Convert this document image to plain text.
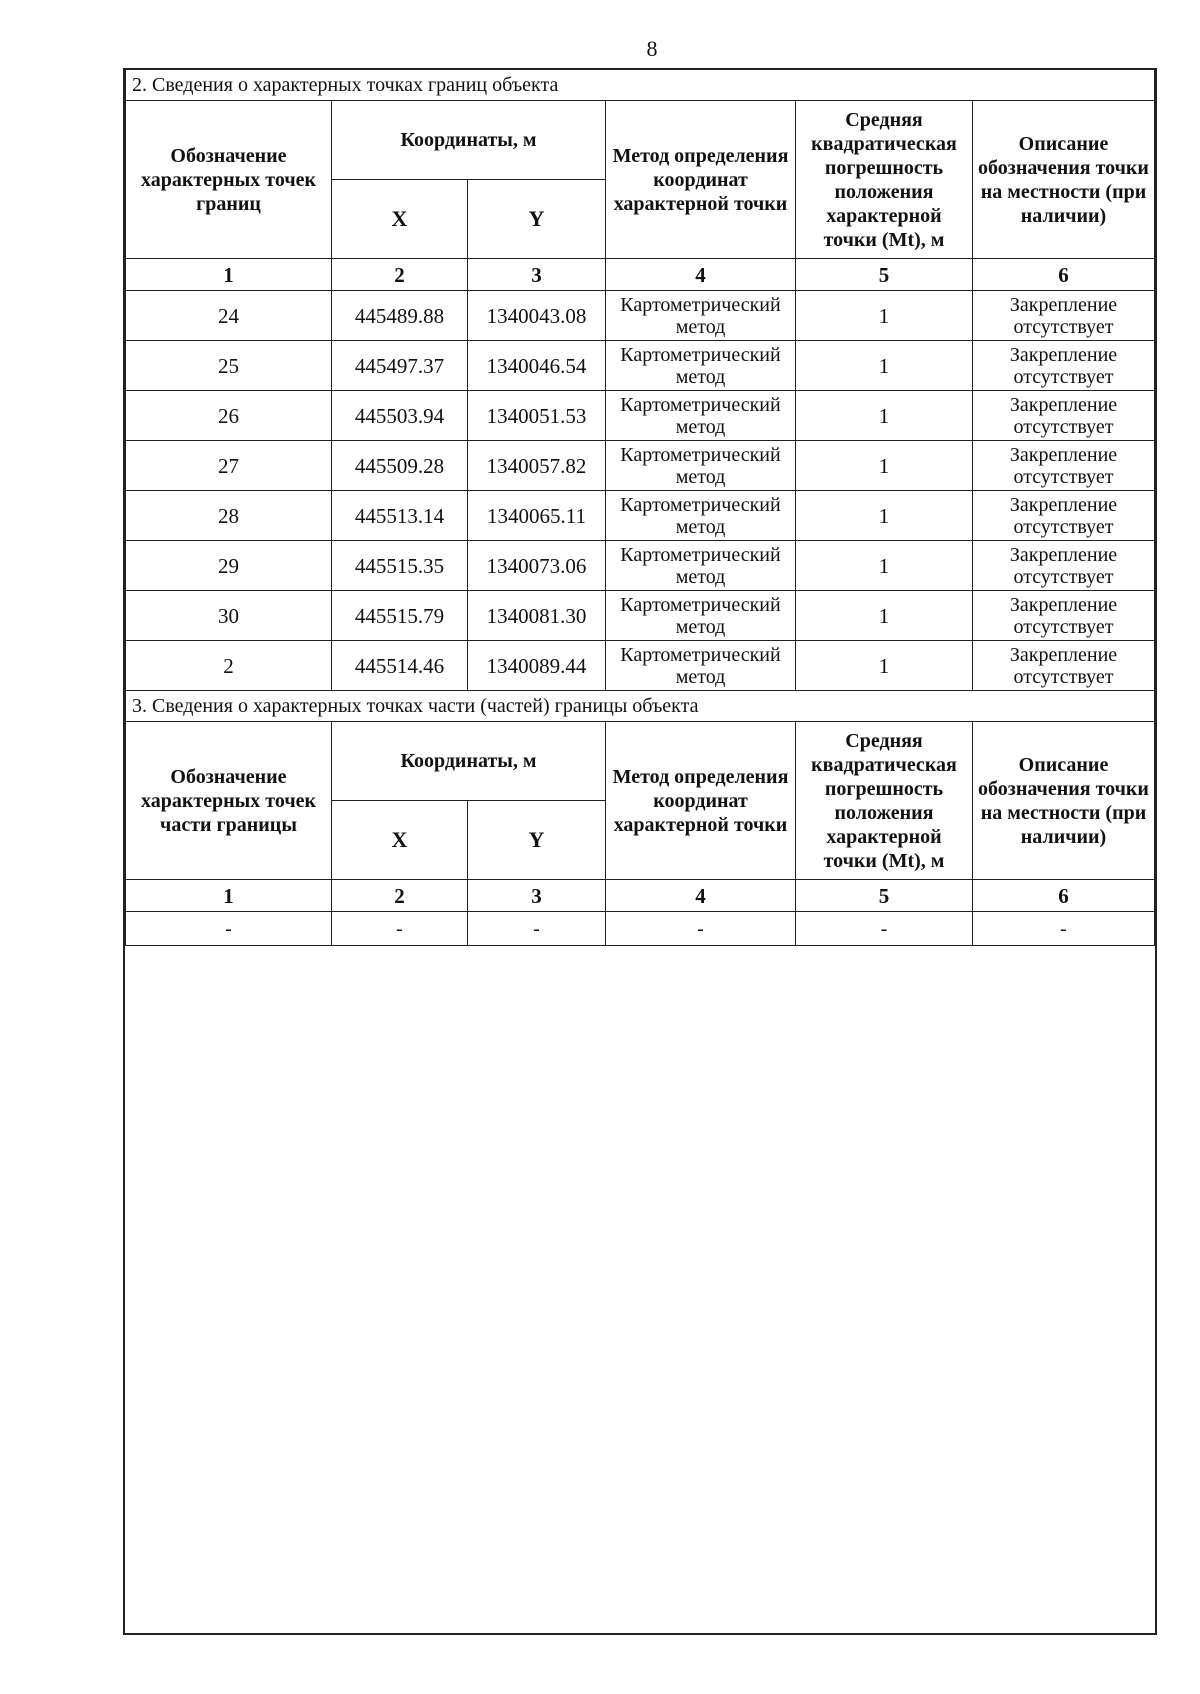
8
2. Сведения о характерных точках границ объекта					
Обозначение характерных точек границ	Координаты, м		Метод определения координат характерной точки	Средняя квадратическая погрешность положения характерной точки (Mt), м	Описание обозначения точки на местности (при наличии)
	X	Y			
1	2	3	4	5	6
24	445489.88	1340043.08	Картометрический метод	1	Закрепление отсутствует
25	445497.37	1340046.54	Картометрический метод	1	Закрепление отсутствует
26	445503.94	1340051.53	Картометрический метод	1	Закрепление отсутствует
27	445509.28	1340057.82	Картометрический метод	1	Закрепление отсутствует
28	445513.14	1340065.11	Картометрический метод	1	Закрепление отсутствует
29	445515.35	1340073.06	Картометрический метод	1	Закрепление отсутствует
30	445515.79	1340081.30	Картометрический метод	1	Закрепление отсутствует
2	445514.46	1340089.44	Картометрический метод	1	Закрепление отсутствует
3. Сведения о характерных точках части (частей) границы объекта					
Обозначение характерных точек части границы	Координаты, м		Метод определения координат характерной точки	Средняя квадратическая погрешность положения характерной точки (Mt), м	Описание обозначения точки на местности (при наличии)
	X	Y			
1	2	3	4	5	6
-	-	-	-	-	-
